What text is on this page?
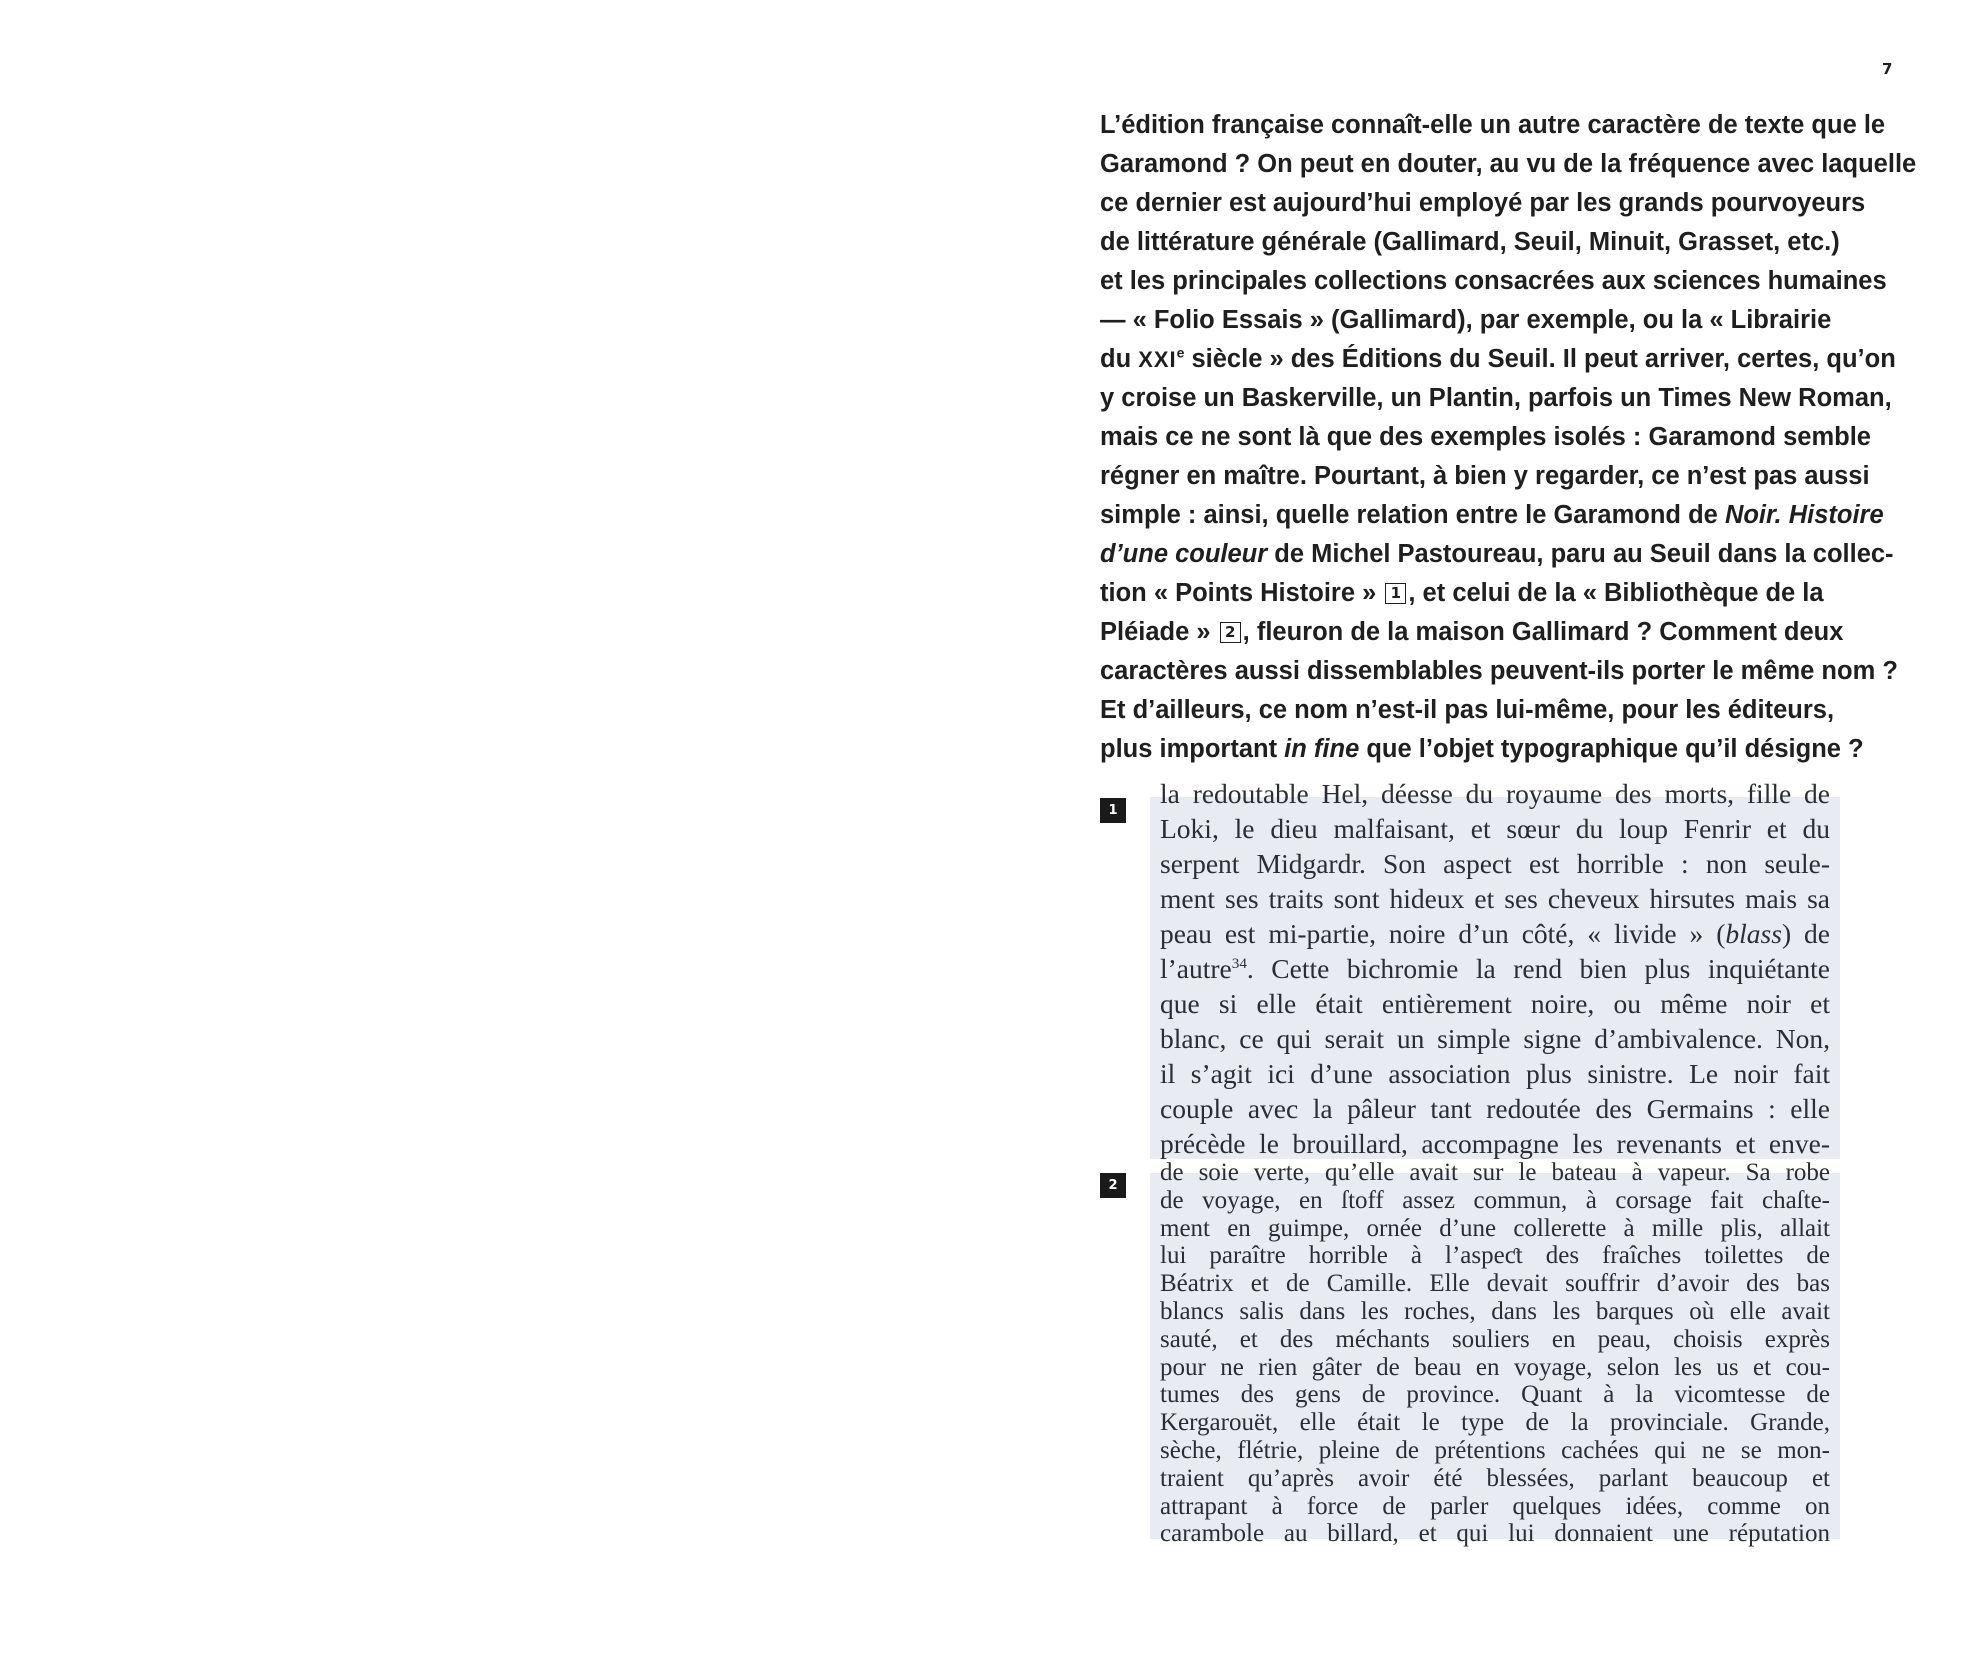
7
L’édition française connaît-elle un autre caractère de texte que le
Garamond ? On peut en douter, au vu de la fréquence avec laquelle
ce dernier est aujourd’hui employé par les grands pourvoyeurs
de littérature générale (Gallimard, Seuil, Minuit, Grasset, etc.)
et les principales collections consacrées aux sciences humaines
— « Folio Essais » (Gallimard), par exemple, ou la « Librairie
du XXIe siècle » des Éditions du Seuil. Il peut arriver, certes, qu’on
y croise un Baskerville, un Plantin, parfois un Times New Roman,
mais ce ne sont là que des exemples isolés : Garamond semble
régner en maître. Pourtant, à bien y regarder, ce n’est pas aussi
simple : ainsi, quelle relation entre le Garamond de Noir. Histoire
d’une couleur de Michel Pastoureau, paru au Seuil dans la collec-
tion « Points Histoire » 1 , et celui de la « Bibliothèque de la
Pléiade » 2 , fleuron de la maison Gallimard ? Comment deux
caractères aussi dissemblables peuvent-ils porter le même nom ?
Et d’ailleurs, ce nom n’est-il pas lui-même, pour les éditeurs,
plus important in fine que l’objet typographique qu’il désigne ?
1
la redoutable Hel, déesse du royaume des morts, fille de
Loki, le dieu malfaisant, et sœur du loup Fenrir et du
serpent Midgardr. Son aspect est horrible : non seule-
ment ses traits sont hideux et ses cheveux hirsutes mais sa
peau est mi-partie, noire d’un côté, « livide » (blass) de
l’autre$^{34}$. Cette bichromie la rend bien plus inquiétante
que si elle était entièrement noire, ou même noir et
blanc, ce qui serait un simple signe d’ambivalence. Non,
il s’agit ici d’une association plus sinistre. Le noir fait
couple avec la pâleur tant redoutée des Germains : elle
précède le brouillard, accompagne les revenants et enve-
2	de soie verte, qu’elle avait sur le bateau à vapeur. Sa robe
de voyage, en ſtoff assez commun, à corsage fait chaſte-
ment en guimpe, ornée d’une collerette à mille plis, allait
lui paraître horrible à l’aspeƈt des fraîches toilettes de
Béatrix et de Camille. Elle devait souffrir d’avoir des bas
blancs salis dans les roches, dans les barques où elle avait
sauté, et des méchants souliers en peau, choisis exprès
pour ne rien gâter de beau en voyage, selon les us et cou-
tumes des gens de province. Quant à la vicomtesse de
Kergarouët, elle était le type de la provinciale. Grande,
sèche, flétrie, pleine de prétentions cachées qui ne se mon-
traient qu’après avoir été blessées, parlant beaucoup et
attrapant à force de parler quelques idées, comme on
carambole au billard, et qui lui donnaient une réputation
